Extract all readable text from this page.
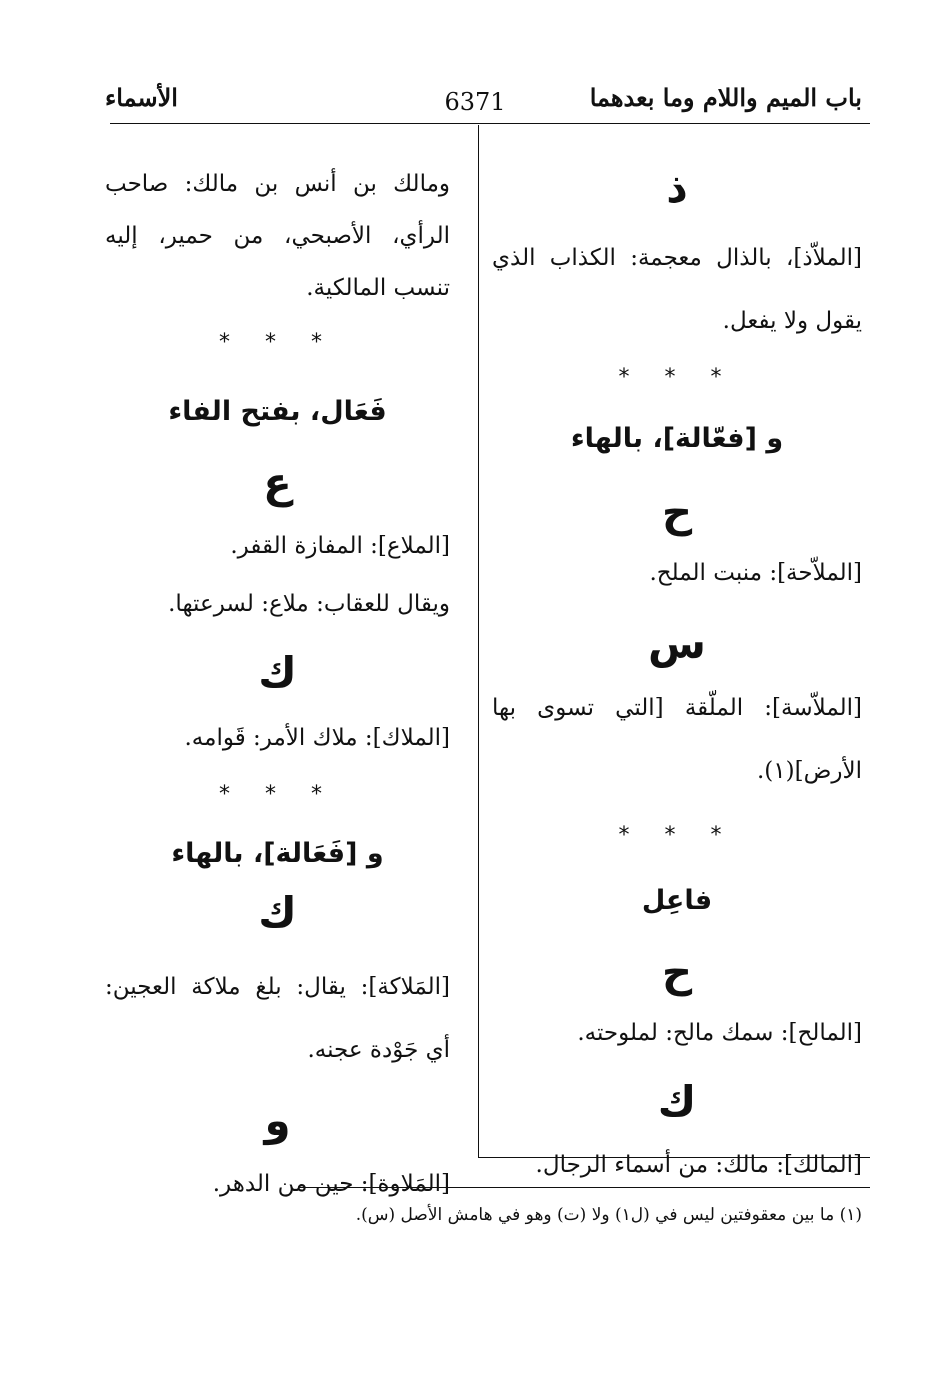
باب الميم واللام وما بعدهما
6371
الأسماء
ذ

[الملاّذ]، بالذال معجمة: الكذاب الذي يقول ولا يفعل.

* * *
و [فعّالة]، بالهاء
ح

[الملاّحة]: منبت الملح.

س

[الملاّسة]: الملّقة [التي تسوى بها الأرض](١).

* * *
فاعِل
ح

[المالح]: سمك مالح: لملوحته.

ك

[المالك]: مالك: من أسماء الرجال.

ومالك بن أنس بن مالك: صاحب الرأي، الأصبحي، من حمير، إليه تنسب المالكية.

* * *
فَعَال، بفتح الفاء
ع

[الملاع]: المفازة القفر.

ويقال للعقاب: ملاع: لسرعتها.

ك

[الملاك]: ملاك الأمر: قَوامه.

* * *
و [فَعَالة]، بالهاء
ك

[المَلاكة]: يقال: بلغ ملاكة العجين: أي جَوْدة عجنه.

و

[المَلاوة]: حين من الدهر.

(١) ما بين معقوفتين ليس في (ل١) ولا (ت) وهو في هامش الأصل (س).
